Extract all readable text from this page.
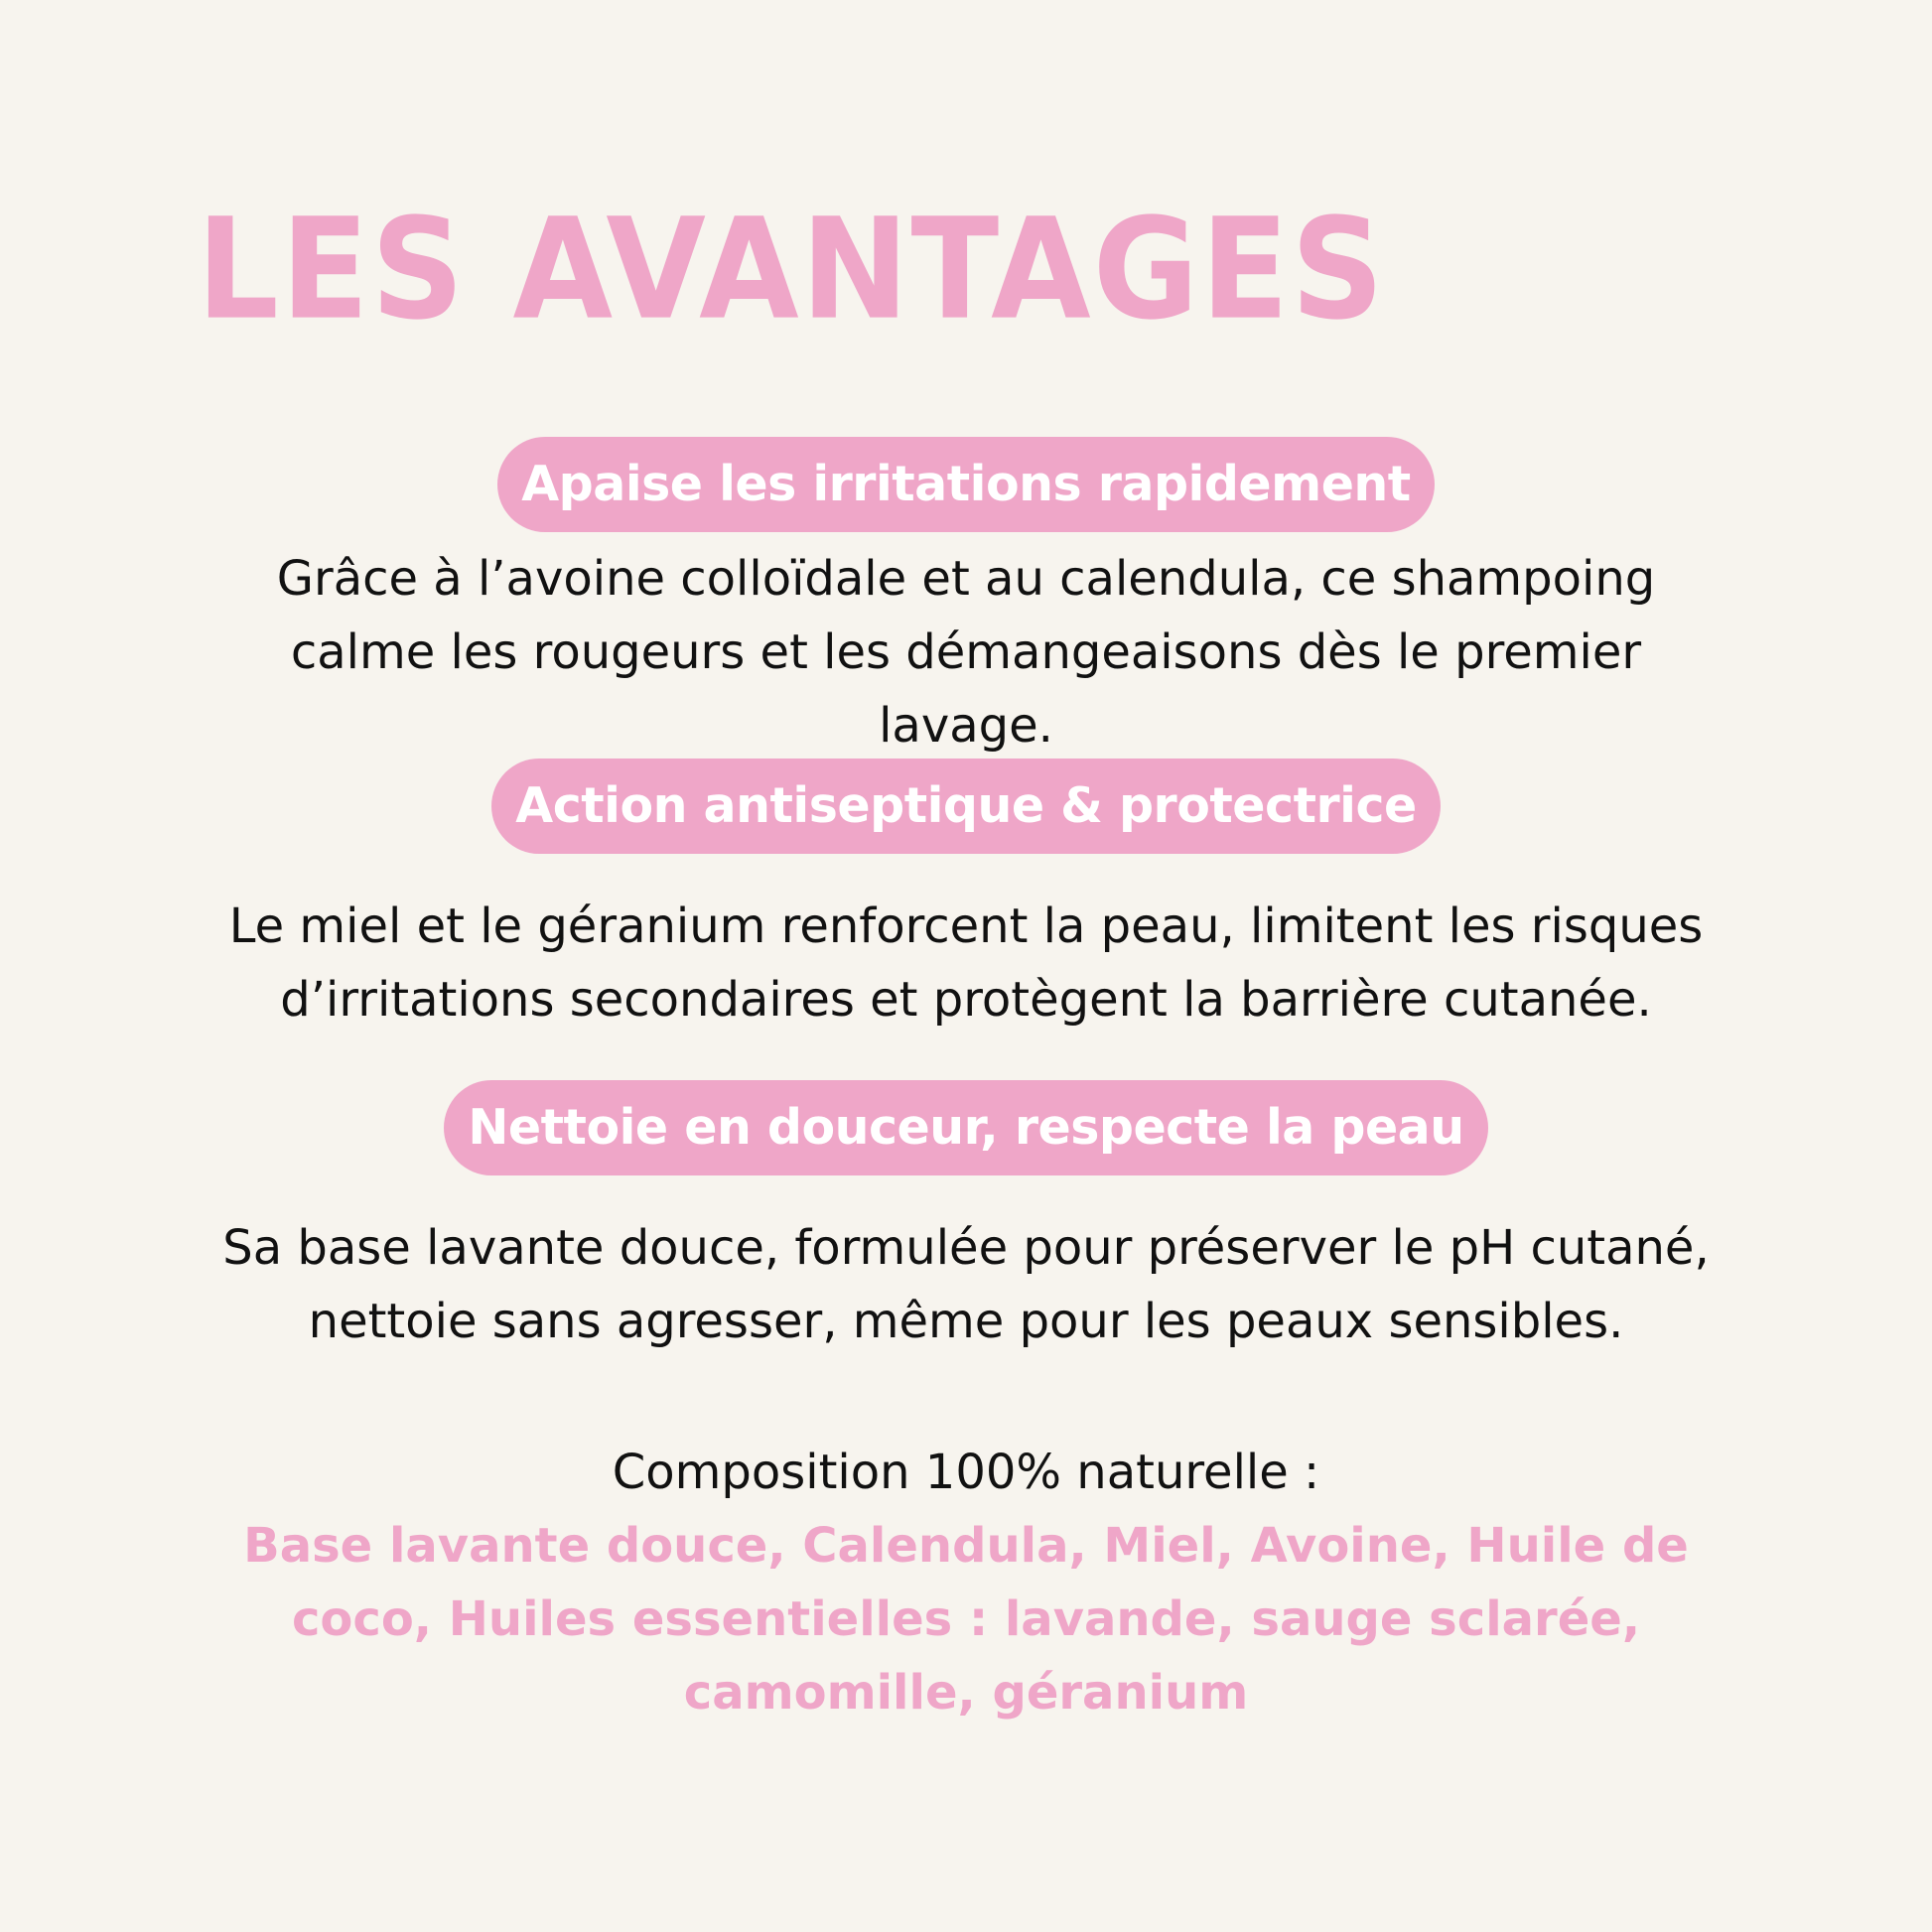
LES AVANTAGES
Apaise les irritations rapidement

Grâce à l’avoine colloïdale et au calendula, ce shampoing
calme les rougeurs et les démangeaisons dès le premier
lavage.

Action antiseptique & protectrice

Le miel et le géranium renforcent la peau, limitent les risques
d’irritations secondaires et protègent la barrière cutanée.

Nettoie en douceur, respecte la peau

Sa base lavante douce, formulée pour préserver le pH cutané,
nettoie sans agresser, même pour les peaux sensibles.

Composition 100% naturelle :

Base lavante douce, Calendula, Miel, Avoine, Huile de
coco, Huiles essentielles : lavande, sauge sclarée,
camomille, géranium
